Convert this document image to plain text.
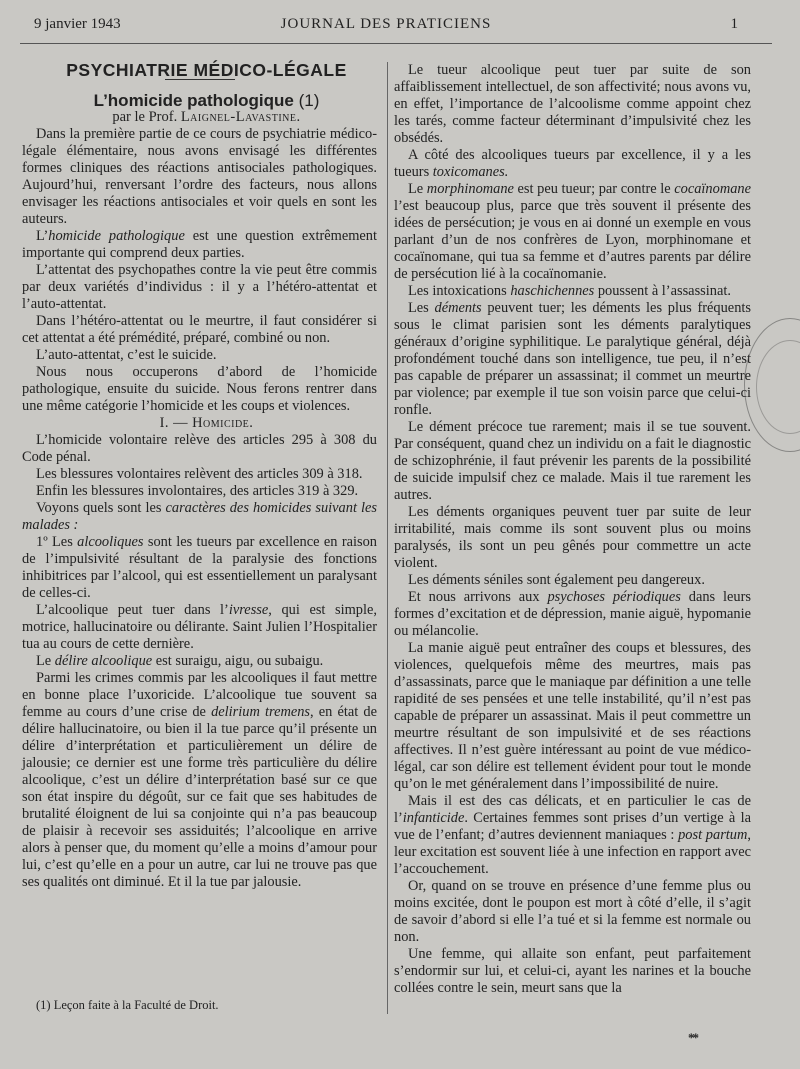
9 janvier 1943	JOURNAL DES PRATICIENS	1

PSYCHIATRIE MÉDICO-LÉGALE

L’homicide pathologique (1)

par le Prof. Laignel-Lavastine.

Dans la première partie de ce cours de psychiatrie médico-légale élémentaire, nous avons envisagé les différentes formes cliniques des réactions antisociales pathologiques. Aujourd’hui, renversant l’ordre des facteurs, nous allons envisager les réactions antisociales et voir quels en sont les auteurs.

L’homicide pathologique est une question extrêmement importante qui comprend deux parties.

L’attentat des psychopathes contre la vie peut être commis par deux variétés d’individus : il y a l’hétéro-attentat et l’auto-attentat.

Dans l’hétéro-attentat ou le meurtre, il faut considérer si cet attentat a été prémédité, préparé, combiné ou non.

L’auto-attentat, c’est le suicide.

Nous nous occuperons d’abord de l’homicide pathologique, ensuite du suicide. Nous ferons rentrer dans une même catégorie l’homicide et les coups et violences.

I. — Homicide.

L’homicide volontaire relève des articles 295 à 308 du Code pénal.

Les blessures volontaires relèvent des articles 309 à 318.

Enfin les blessures involontaires, des articles 319 à 329.

Voyons quels sont les caractères des homicides suivant les malades :

1º Les alcooliques sont les tueurs par excellence en raison de l’impulsivité résultant de la paralysie des fonctions inhibitrices par l’alcool, qui est essentiellement un paralysant de celles-ci.

L’alcoolique peut tuer dans l’ivresse, qui est simple, motrice, hallucinatoire ou délirante. Saint Julien l’Hospitalier tua au cours de cette dernière.

Le délire alcoolique est suraigu, aigu, ou subaigu.

Parmi les crimes commis par les alcooliques il faut mettre en bonne place l’uxoricide. L’alcoolique tue souvent sa femme au cours d’une crise de delirium tremens, en état de délire hallucinatoire, ou bien il la tue parce qu’il présente un délire d’interprétation et particulièrement un délire de jalousie; ce dernier est une forme très particulière du délire alcoolique, c’est un délire d’interprétation basé sur ce que son état inspire du dégoût, sur ce fait que ses habitudes de brutalité éloignent de lui sa conjointe qui n’a pas beaucoup de plaisir à recevoir ses assiduités; l’alcoolique en arrive alors à penser que, du moment qu’elle a moins d’amour pour lui, c’est qu’elle en a pour un autre, car lui ne trouve pas que ses qualités ont diminué. Et il la tue par jalousie.

(1) Leçon faite à la Faculté de Droit.

Le tueur alcoolique peut tuer par suite de son affaiblissement intellectuel, de son affectivité; nous avons vu, en effet, l’importance de l’alcoolisme comme appoint chez les tarés, comme facteur déterminant d’impulsivité chez les obsédés.

A côté des alcooliques tueurs par excellence, il y a les tueurs toxicomanes.

Le morphinomane est peu tueur; par contre le cocaïnomane l’est beaucoup plus, parce que très souvent il présente des idées de persécution; je vous en ai donné un exemple en vous parlant d’un de nos confrères de Lyon, morphinomane et cocaïnomane, qui tua sa femme et d’autres parents par délire de persécution lié à la cocaïnomanie.

Les intoxications haschichennes poussent à l’assassinat.

Les déments peuvent tuer; les déments les plus fréquents sous le climat parisien sont les déments paralytiques généraux d’origine syphilitique. Le paralytique général, déjà profondément touché dans son intelligence, tue peu, il n’est pas capable de préparer un assassinat; il commet un meurtre par violence; par exemple il tue son voisin parce que celui-ci ronfle.

Le dément précoce tue rarement; mais il se tue souvent. Par conséquent, quand chez un individu on a fait le diagnostic de schizophrénie, il faut prévenir les parents de la possibilité de suicide impulsif chez ce malade. Mais il tue rarement les autres.

Les déments organiques peuvent tuer par suite de leur irritabilité, mais comme ils sont souvent plus ou moins paralysés, ils sont un peu gênés pour commettre un acte violent.

Les déments séniles sont également peu dangereux.

Et nous arrivons aux psychoses périodiques dans leurs formes d’excitation et de dépression, manie aiguë, hypomanie ou mélancolie.

La manie aiguë peut entraîner des coups et blessures, des violences, quelquefois même des meurtres, mais pas d’assassinats, parce que le maniaque par définition a une telle rapidité de ses pensées et une telle instabilité, qu’il n’est pas capable de préparer un assassinat. Mais il peut commettre un meurtre résultant de son impulsivité et de ses réactions affectives. Il n’est guère intéressant au point de vue médico-légal, car son délire est tellement évident pour tout le monde qu’on le met généralement dans l’impossibilité de nuire.

Mais il est des cas délicats, et en particulier le cas de l’infanticide. Certaines femmes sont prises d’un vertige à la vue de l’enfant; d’autres deviennent maniaques : post partum, leur excitation est souvent liée à une infection en rapport avec l’accouchement.

Or, quand on se trouve en présence d’une femme plus ou moins excitée, dont le poupon est mort à côté d’elle, il s’agit de savoir d’abord si elle l’a tué et si la femme est normale ou non.

Une femme, qui allaite son enfant, peut parfaitement s’endormir sur lui, et celui-ci, ayant les narines et la bouche collées contre le sein, meurt sans que la

**
